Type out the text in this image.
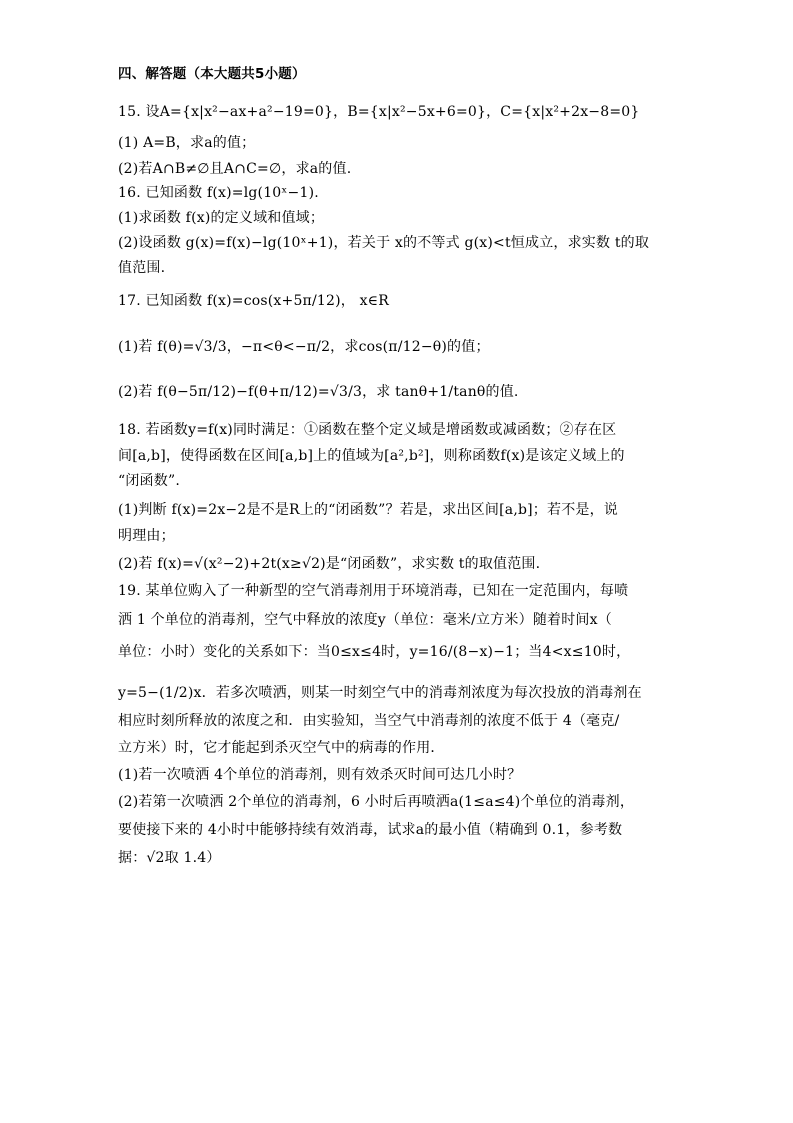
四、解答题（本大题共5小题）
15. 设A={x|x²−ax+a²−19=0}，B={x|x²−5x+6=0}，C={x|x²+2x−8=0}
(1) A=B，求a的值；
(2)若A∩B≠∅且A∩C=∅，求a的值.
16. 已知函数 f(x)=lg(10ˣ−1).
(1)求函数 f(x)的定义域和值域；
(2)设函数 g(x)=f(x)−lg(10ˣ+1)，若关于 x的不等式 g(x)<t恒成立，求实数 t的取
值范围.
17. 已知函数 f(x)=cos(x+5π/12)， x∈R
(1)若 f(θ)=√3/3，−π<θ<−π/2，求cos(π/12−θ)的值；
(2)若 f(θ−5π/12)−f(θ+π/12)=√3/3，求 tanθ+1/tanθ的值.
18. 若函数y=f(x)同时满足：①函数在整个定义域是增函数或减函数；②存在区
间[a,b]，使得函数在区间[a,b]上的值域为[a²,b²]，则称函数f(x)是该定义域上的
“闭函数”.
(1)判断 f(x)=2x−2是不是R上的“闭函数”？若是，求出区间[a,b]；若不是，说
明理由；
(2)若 f(x)=√(x²−2)+2t(x≥√2)是“闭函数”，求实数 t的取值范围.
19. 某单位购入了一种新型的空气消毒剂用于环境消毒，已知在一定范围内，每喷
洒 1 个单位的消毒剂，空气中释放的浓度y（单位：毫米/立方米）随着时间x（
单位：小时）变化的关系如下：当0≤x≤4时，y=16/(8−x)−1；当4<x≤10时，
y=5−(1/2)x．若多次喷洒，则某一时刻空气中的消毒剂浓度为每次投放的消毒剂在
相应时刻所释放的浓度之和．由实验知，当空气中消毒剂的浓度不低于 4（毫克/
立方米）时，它才能起到杀灭空气中的病毒的作用．
(1)若一次喷洒 4个单位的消毒剂，则有效杀灭时间可达几小时？
(2)若第一次喷洒 2个单位的消毒剂，6 小时后再喷洒a(1≤a≤4)个单位的消毒剂，
要使接下来的 4小时中能够持续有效消毒，试求a的最小值（精确到 0.1，参考数
据：√2取 1.4）
